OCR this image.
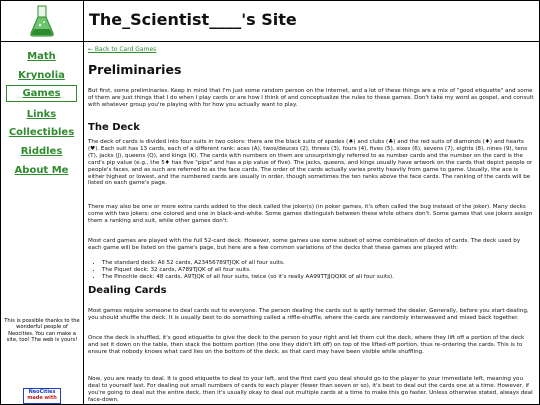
The_Scientist____'s Site
Math
Krynolia
Games
Links
Collectibles
Riddles
About Me
This is possible thanks to the wonderful people of Neocities. You can make a site, too! The web is yours!
NeoCities
made with
← Back to Card Games
Preliminaries

But first, some preliminaries. Keep in mind that I'm just some random person on the internet, and a lot of these things are a mix of "good etiquette" and some of them are just things that I do when I play cards or are how I think of and conceptualize the rules to these games. Don't take my word as gospel, and consult with whatever group you're playing with for how you actually want to play.

The Deck

The deck of cards is divided into four suits in two colors: there are the black suits of spades (♠) and clubs (♣) and the red suits of diamonds (♦) and hearts (♥). Each suit has 13 cards, each of a different rank: aces (A), twos/deuces (2), threes (3), fours (4), fives (5), sixes (6), sevens (7), eights (8), nines (9), tens (T), jacks (J), queens (Q), and kings (K). The cards with numbers on them are unsurprisingly referred to as number cards and the number on the card is the card's pip value (e.g., the 5♦ has five "pips" and has a pip value of five). The jacks, queens, and kings usually have artwork on the cards that depict people or people's faces, and as such are referred to as the face cards. The order of the cards actually varies pretty heavily from game to game. Usually, the ace is either highest or lowest, and the numbered cards are usually in order, though sometimes the ten ranks above the face cards. The ranking of the cards will be listed on each game's page.

There may also be one or more extra cards added to the deck called the joker(s) (in poker games, it's often called the bug instead of the joker). Many decks come with two jokers: one colored and one in black-and-white. Some games distinguish between these while others don't. Some games that use jokers assign them a ranking and suit, while other games don't.

Most card games are played with the full 52-card deck. However, some games use some subset of some combination of decks of cards. The deck used by each game will be listed on the game's page, but here are a few common variations of the decks that these games are played with:

• The standard deck: All 52 cards, A23456789TJQK of all four suits.
• The Piquet deck: 32 cards, A789TJQK of all four suits.
• The Pinochle deck: 48 cards, A9TJQK of all four suits, twice (so it's really AA99TTJJQQKK of all four suits).
Dealing Cards

Most games require someone to deal cards out to everyone. The person dealing the cards out is aptly termed the dealer. Generally, before you start dealing, you should shuffle the deck. It is usually best to do something called a riffle-shuffle, where the cards are randomly interweaved and mixed back together.

Once the deck is shuffled, it's good etiquette to give the deck to the person to your right and let them cut the deck, where they lift off a portion of the deck and set it down on the table, then stack the bottom portion (the one they didn't lift off) on top of the lifted-off portion, thus re-ordering the cards. This is to ensure that nobody knows what card lies on the bottom of the deck, as that card may have been visible while shuffling.

Now, you are ready to deal. It is good etiquette to deal to your left, and the first card you deal should go to the player to your immediate left, meaning you deal to yourself last. For dealing out small numbers of cards to each player (fewer than seven or so), it's best to deal out the cards one at a time. However, if you're going to deal out the entire deck, then it's usually okay to deal out multiple cards at a time to make this go faster. Unless otherwise stated, always deal face-down.
